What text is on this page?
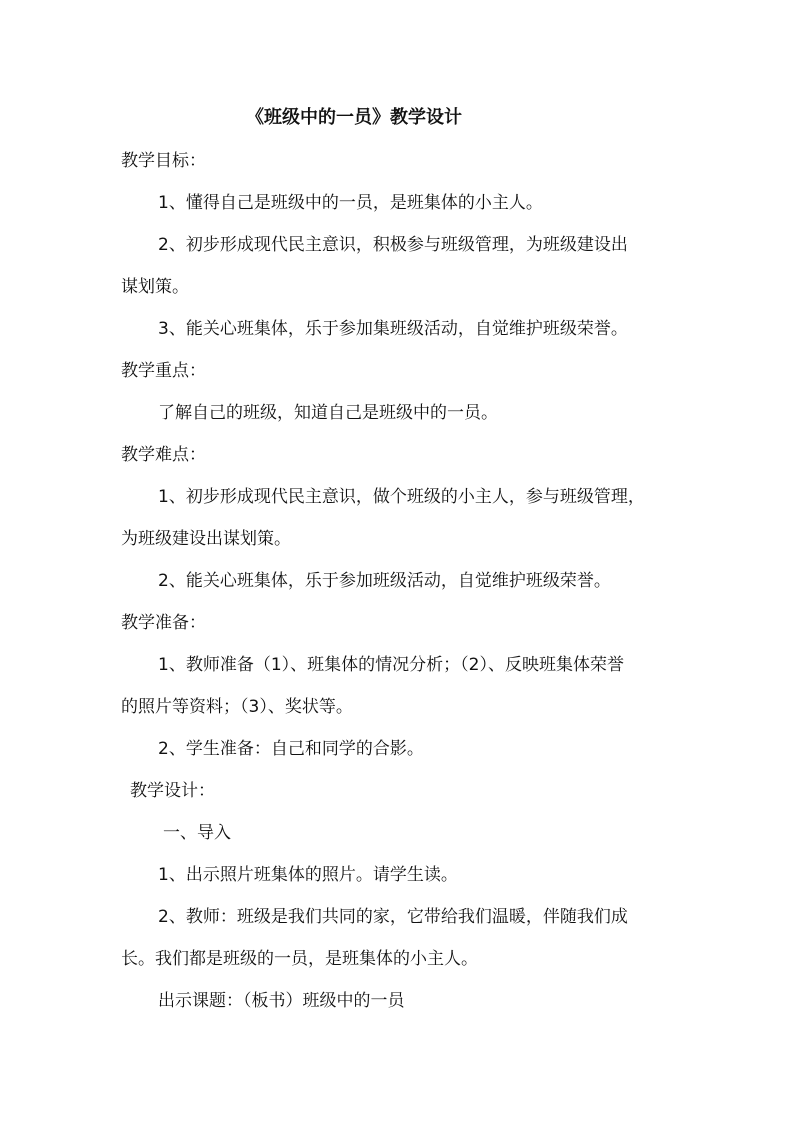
《班级中的一员》教学设计
教学目标：
1、懂得自己是班级中的一员，是班集体的小主人。
2、初步形成现代民主意识，积极参与班级管理，为班级建设出
谋划策。
3、能关心班集体，乐于参加集班级活动，自觉维护班级荣誉。
教学重点：
了解自己的班级，知道自己是班级中的一员。
教学难点：
1、初步形成现代民主意识，做个班级的小主人，参与班级管理，
为班级建设出谋划策。
2、能关心班集体，乐于参加班级活动，自觉维护班级荣誉。
教学准备：
1、教师准备（1）、班集体的情况分析；（2）、反映班集体荣誉
的照片等资料；（3）、奖状等。
2、学生准备：自己和同学的合影。
教学设计：
一、导入
1、出示照片班集体的照片。请学生读。
2、教师：班级是我们共同的家，它带给我们温暖，伴随我们成
长。我们都是班级的一员，是班集体的小主人。
出示课题：（板书）班级中的一员
